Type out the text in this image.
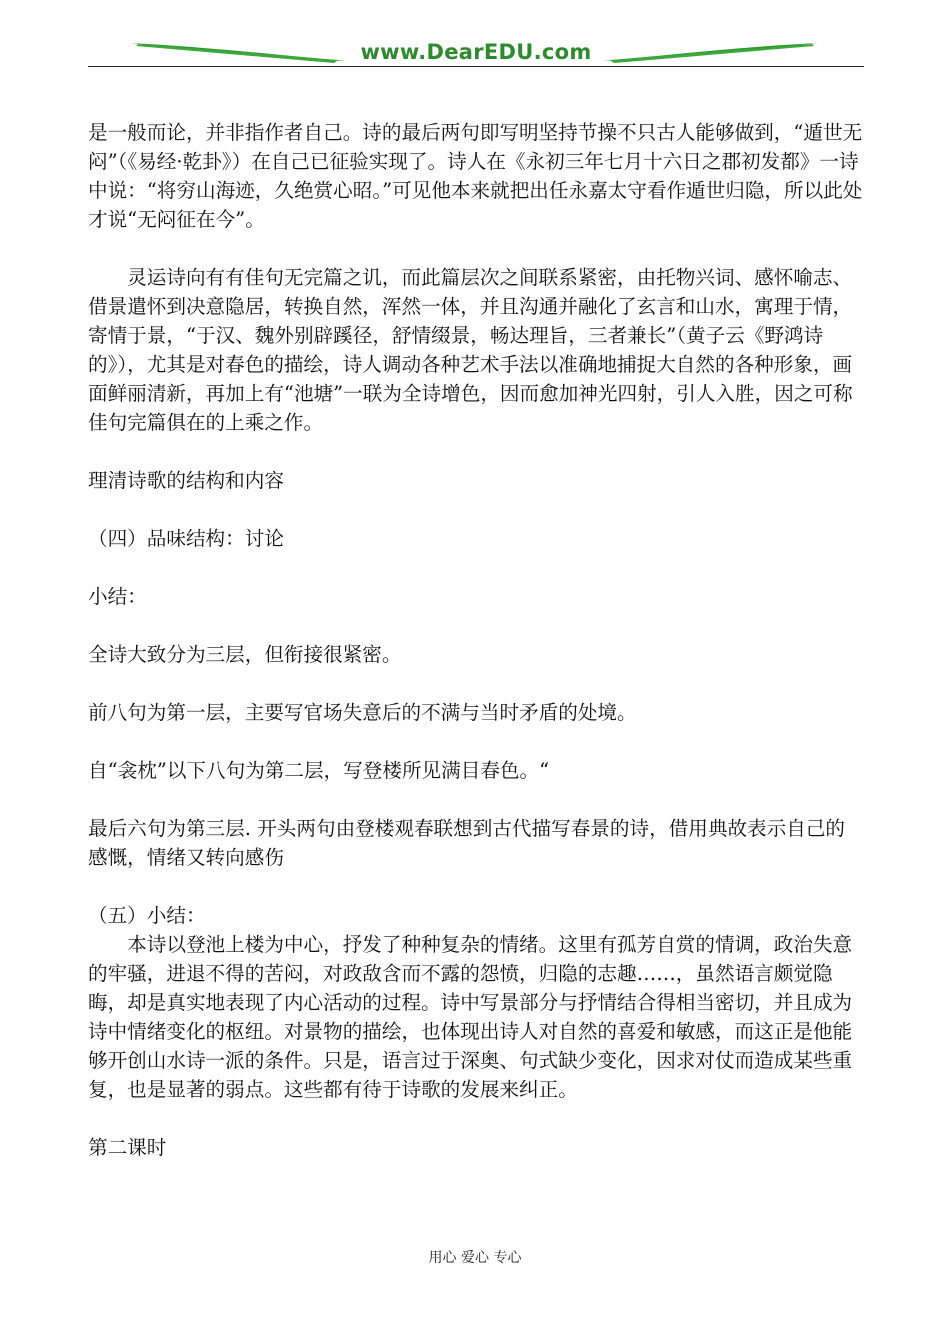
www.DearEDU.com

是一般而论，并非指作者自己。诗的最后两句即写明坚持节操不只古人能够做到，“遁世无闷”（《易经·乾卦》）在自己已征验实现了。诗人在《永初三年七月十六日之郡初发都》一诗中说：“将穷山海迹，久绝赏心昭。”可见他本来就把出任永嘉太守看作遁世归隐，所以此处才说“无闷征在今”。

灵运诗向有有佳句无完篇之讥，而此篇层次之间联系紧密，由托物兴词、感怀喻志、借景遣怀到决意隐居，转换自然，浑然一体，并且沟通并融化了玄言和山水，寓理于情，寄情于景，“于汉、魏外别辟蹊径，舒情缀景，畅达理旨，三者兼长”（黄子云《野鸿诗的》），尤其是对春色的描绘，诗人调动各种艺术手法以准确地捕捉大自然的各种形象，画面鲜丽清新，再加上有“池塘”一联为全诗增色，因而愈加神光四射，引人入胜，因之可称佳句完篇俱在的上乘之作。

理清诗歌的结构和内容

（四）品味结构：讨论

小结：

全诗大致分为三层，但衔接很紧密。

前八句为第一层，主要写官场失意后的不满与当时矛盾的处境。

自“衾枕”以下八句为第二层，写登楼所见满目春色。“

最后六句为第三层. 开头两句由登楼观春联想到古代描写春景的诗，借用典故表示自己的感慨，情绪又转向感伤

（五）小结：

本诗以登池上楼为中心，抒发了种种复杂的情绪。这里有孤芳自赏的情调，政治失意的牢骚，进退不得的苦闷，对政敌含而不露的怨愤，归隐的志趣……，虽然语言颇觉隐晦，却是真实地表现了内心活动的过程。诗中写景部分与抒情结合得相当密切，并且成为诗中情绪变化的枢纽。对景物的描绘，也体现出诗人对自然的喜爱和敏感，而这正是他能够开创山水诗一派的条件。只是，语言过于深奥、句式缺少变化，因求对仗而造成某些重复，也是显著的弱点。这些都有待于诗歌的发展来纠正。

第二课时

用心 爱心 专心
